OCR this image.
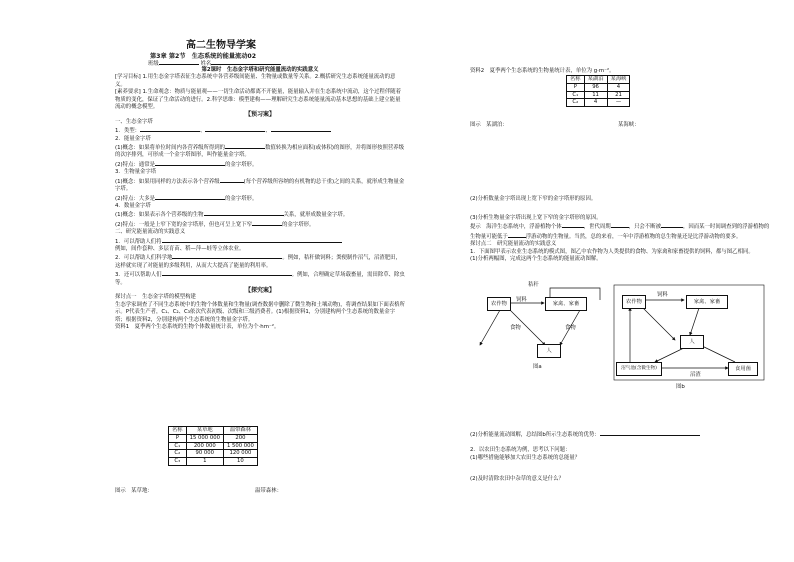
高二生物导学案
第3章 第2节　生态系统的能量流动02
班级	姓名
第2课时　生态金字塔和研究能量流动的实践意义
[学习目标] 1.用生态金字塔表征生态系统中各营养级间能量、生物量或数量等关系。2.概括研究生态系统能量流动的意义。
[素养要求] 1.生命观念：物质与能量观——一切生命活动都离不开能量，能量输入并在生态系统中流动，这个过程伴随着物质的变化，保证了生命活动的进行。2.科学思维：模型建构——理解研究生态系统能量流动基本思想的基础上建立能量流动的概念模型。
【预习案】
一、生态金字塔
1．类型：	、	、
2．能量金字塔
(1)概念：如果将单位时间内各营养级所得到的	数值转换为相应面积(或体积)的图形，并将图形按照营养级的次序排列，可形成一个金字塔图形，叫作能量金字塔。
(2)特点：通常是	的金字塔形。
3．生物量金字塔
(1)概念：如果用同样的方法表示各个营养级	(每个营养级所容纳的有机物的总干重)之间的关系，就形成生物量金字塔。
(2)特点：大多是	的金字塔形。
4．数量金字塔
(1)概念：如果表示各个营养级的生物	关系，就形成数量金字塔。
(2)特点：一般是上窄下宽的金字塔形，但也可呈上宽下窄	的金字塔形。
二、研究能量流动的实践意义
1．可以帮助人们将
例如，间作套种、多层育苗、稻—萍—蛙等立体农业。
2．可以帮助人们科学地	。例如，秸秆做饲料；粪便制作沼气，沼渣肥田，这样就实现了对能量的多级利用，从而大大提高了能量的利用率。
3．还可以帮助人们	。例如，合理确定草场载畜量，需田除草、除虫等。
【探究案】
探讨点一　生态金字塔的模型构建
生态学家调查了不同生态系统中的生物个体数量和生物量(调查数据中删除了微生物和土壤动物)，将调查结果如下面表格所示。P代表生产者，C₁、C₂、C₃依次代表初级、次级和三级消费者。(1)根据资料1，分别建构两个生态系统的数量金字塔；根据资料2，分别建构两个生态系统的生物量金字塔。
资料1　夏季两个生态系统的生物个体数量统计表，单位为个·hm⁻²。
名称	某草地	温带森林
P	15 000 000	200
C₁	200 000	1 500 000
C₂	90 000	120 000
C₃	1	10
图示　某草地：	温带森林：
资料2　夏季两个生态系统的生物量统计表，单位为 g·m⁻²。
名称	某湖泊	某海峡
P	96	4
C₁	11	21
C₂	4	—
图示　某湖泊：	某海峡：
(2)分析数量金字塔出现上宽下窄的金字塔形的原因。
(3)分析生物量金字塔出现上宽下窄的金字塔形的原因。
提示　海洋生态系统中，浮游植物个体	，世代周期	，只会不断被	，因而某一时间调查到的浮游植物的生物量可能低于	浮游动物的生物量。当然，总的来看，一年中浮游植物的总生物量还是比浮游动物的要多。
探讨点二　研究能量流动的实践意义
1．下面图甲表示农业生态系统的模式图，图乙中农作物为人类提供的食物、为家禽和家畜提供的饲料，都与图乙相同。
(1)分析两幅图，完成这两个生态系统的能量流动图解。
农作物	家禽、家畜
人
饲料
秸秆
食物	食物
图a
农作物	家禽、家畜
人
沼气池(含微生物)	食用菌
沼渣
饲料
图b
(2)分析能量流动图解，总结图b所示生态系统的优势：
2．以农田生态系统为例，思考以下问题：
(1)哪些措施能够加大农田生态系统的总能量？
(2)及时清除农田中杂草的意义是什么？
